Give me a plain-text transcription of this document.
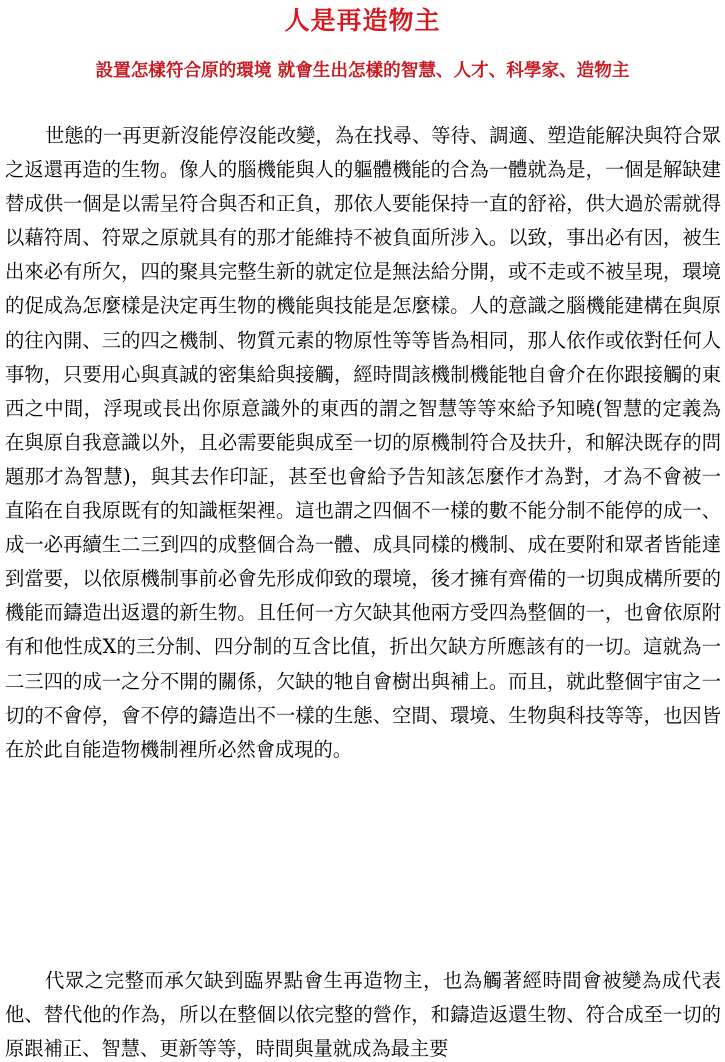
人是再造物主
設置怎樣符合原的環境 就會生出怎樣的智慧、人才、科學家、造物主

世態的一再更新沒能停沒能改變，為在找尋、等待、調適、塑造能解決與符合眾之返還再造的生物。像人的腦機能與人的軀體機能的合為一體就為是，一個是解缺建替成供一個是以需呈符合與否和正負，那依人要能保持一直的舒裕，供大過於需就得以藉符周、符眾之原就具有的那才能維持不被負面所涉入。以致，事出必有因，被生出來必有所欠，四的聚具完整生新的就定位是無法給分開，或不走或不被呈現，環境的促成為怎麼樣是決定再生物的機能與技能是怎麼樣。人的意識之腦機能建構在與原的往內開、三的四之機制、物質元素的物原性等等皆為相同，那人依作或依對任何人事物，只要用心與真誠的密集給與接觸，經時間該機制機能牠自會介在你跟接觸的東西之中間，浮現或長出你原意識外的東西的謂之智慧等等來給予知曉(智慧的定義為在與原自我意識以外，且必需要能與成至一切的原機制符合及扶升，和解決既存的問題那才為智慧)，與其去作印証，甚至也會給予告知該怎麼作才為對，才為不會被一直陷在自我原既有的知識框架裡。這也謂之四個不一樣的數不能分制不能停的成一、成一必再續生二三到四的成整個合為一體、成具同樣的機制、成在要附和眾者皆能達到當要，以依原機制事前必會先形成仰致的環境，後才擁有齊備的一切與成構所要的機能而鑄造出返還的新生物。且任何一方欠缺其他兩方受四為整個的一，也會依原附有和他性成X的三分制、四分制的互含比值，折出欠缺方所應該有的一切。這就為一二三四的成一之分不開的關係，欠缺的牠自會樹出與補上。而且，就此整個宇宙之一切的不會停，會不停的鑄造出不一樣的生態、空間、環境、生物與科技等等，也因皆在於此自能造物機制裡所必然會成現的。

代眾之完整而承欠缺到臨界點會生再造物主，也為觸著經時間會被變為成代表他、替代他的作為，所以在整個以依完整的營作，和鑄造返還生物、符合成至一切的原跟補正、智慧、更新等等，時間與量就成為最主要
